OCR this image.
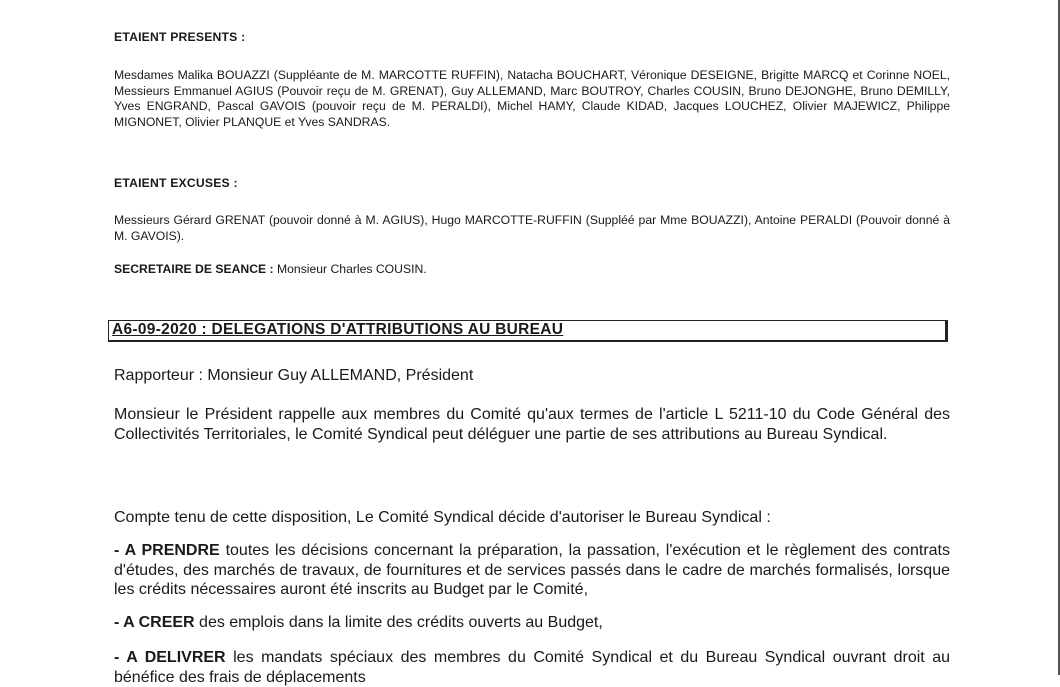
ETAIENT PRESENTS :
Mesdames Malika BOUAZZI (Suppléante de M. MARCOTTE RUFFIN), Natacha BOUCHART, Véronique DESEIGNE, Brigitte MARCQ et Corinne NOEL, Messieurs Emmanuel AGIUS (Pouvoir reçu de M. GRENAT), Guy ALLEMAND, Marc BOUTROY, Charles COUSIN, Bruno DEJONGHE, Bruno DEMILLY, Yves ENGRAND, Pascal GAVOIS (pouvoir reçu de M. PERALDI), Michel HAMY, Claude KIDAD, Jacques LOUCHEZ, Olivier MAJEWICZ, Philippe MIGNONET, Olivier PLANQUE et Yves SANDRAS.
ETAIENT EXCUSES :
Messieurs Gérard GRENAT (pouvoir donné à M. AGIUS), Hugo MARCOTTE-RUFFIN (Suppléé par Mme BOUAZZI), Antoine PERALDI (Pouvoir donné à M. GAVOIS).
SECRETAIRE DE SEANCE : Monsieur Charles COUSIN.
A6-09-2020 : DELEGATIONS D'ATTRIBUTIONS AU BUREAU
Rapporteur : Monsieur Guy ALLEMAND, Président
Monsieur le Président rappelle aux membres du Comité qu'aux termes de l'article L 5211-10 du Code Général des Collectivités Territoriales, le Comité Syndical peut déléguer une partie de ses attributions au Bureau Syndical.
Compte tenu de cette disposition, Le Comité Syndical décide d'autoriser le Bureau Syndical :
- A PRENDRE toutes les décisions concernant la préparation, la passation, l'exécution et le règlement des contrats d'études, des marchés de travaux, de fournitures et de services passés dans le cadre de marchés formalisés, lorsque les crédits nécessaires auront été inscrits au Budget par le Comité,
- A CREER des emplois dans la limite des crédits ouverts au Budget,
- A DELIVRER les mandats spéciaux des membres du Comité Syndical et du Bureau Syndical ouvrant droit au bénéfice des frais de déplacements
